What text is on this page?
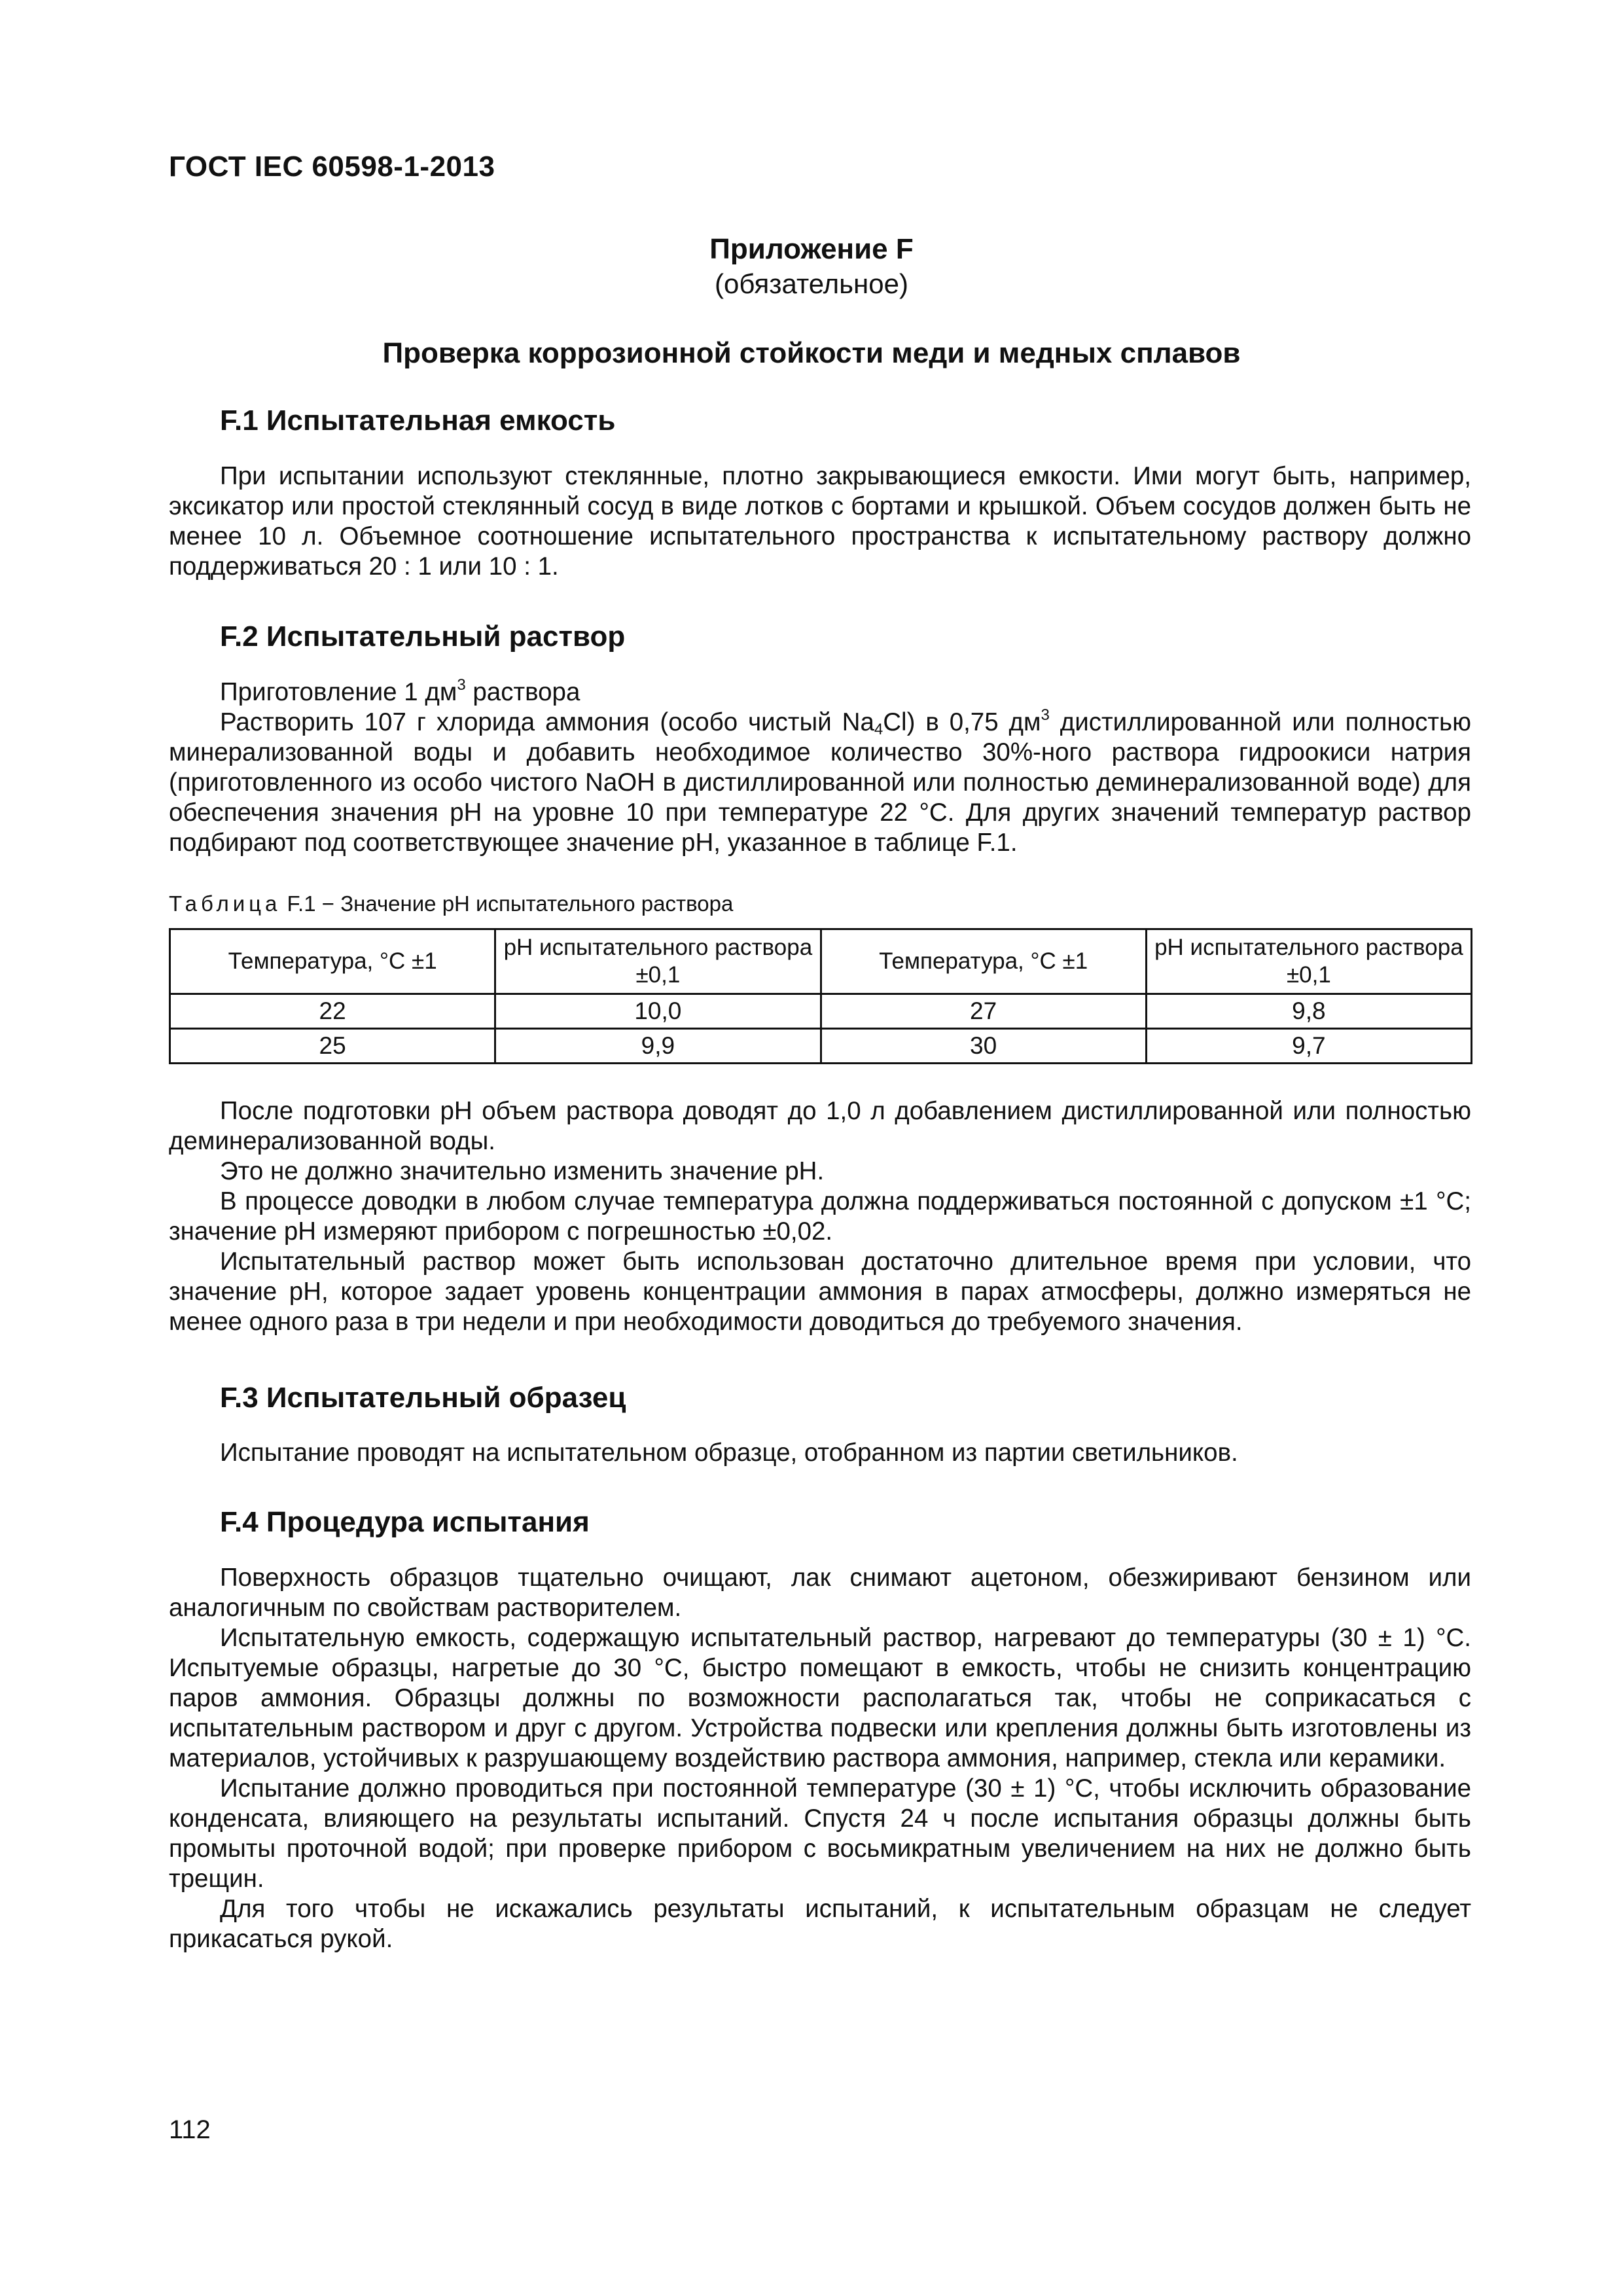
ГОСТ IEC 60598-1-2013
Приложение F
(обязательное)
Проверка коррозионной стойкости меди и медных сплавов
F.1 Испытательная емкость

При испытании используют стеклянные, плотно закрывающиеся емкости. Ими могут быть, например, эксикатор или простой стеклянный сосуд в виде лотков с бортами и крышкой. Объем сосудов должен быть не менее 10 л. Объемное соотношение испытательного пространства к испытательному раствору должно поддерживаться 20 : 1 или 10 : 1.

F.2 Испытательный раствор

Приготовление 1 $дм^3$ раствора

Растворить 107 г хлорида аммония (особо чистый $Na_4Cl$) в 0,75 $дм^3$ дистиллированной или полностью минерализованной воды и добавить необходимое количество 30%-ного раствора гидроокиси натрия (приготовленного из особо чистого NaOH в дистиллированной или полностью деминерализованной воде) для обеспечения значения pH на уровне 10 при температуре 22 °C. Для других значений температур раствор подбирают под соответствующее значение pH, указанное в таблице F.1.

Таблица F.1 − Значение pH испытательного раствора
Температура, °C ±1	pH испытательного раствора ±0,1	Температура, °C ±1	pH испытательного раствора ±0,1
22	10,0	27	9,8
25	9,9	30	9,7

После подготовки pH объем раствора доводят до 1,0 л добавлением дистиллированной или полностью деминерализованной воды.

Это не должно значительно изменить значение pH.

В процессе доводки в любом случае температура должна поддерживаться постоянной с допуском ±1 °C; значение pH измеряют прибором с погрешностью ±0,02.

Испытательный раствор может быть использован достаточно длительное время при условии, что значение pH, которое задает уровень концентрации аммония в парах атмосферы, должно измеряться не менее одного раза в три недели и при необходимости доводиться до требуемого значения.

F.3 Испытательный образец

Испытание проводят на испытательном образце, отобранном из партии светильников.

F.4 Процедура испытания

Поверхность образцов тщательно очищают, лак снимают ацетоном, обезжиривают бензином или аналогичным по свойствам растворителем.

Испытательную емкость, содержащую испытательный раствор, нагревают до температуры (30 ± 1) °C. Испытуемые образцы, нагретые до 30 °C, быстро помещают в емкость, чтобы не снизить концентрацию паров аммония. Образцы должны по возможности располагаться так, чтобы не соприкасаться с испытательным раствором и друг с другом. Устройства подвески или крепления должны быть изготовлены из материалов, устойчивых к разрушающему воздействию раствора аммония, например, стекла или керамики.

Испытание должно проводиться при постоянной температуре (30 ± 1) °C, чтобы исключить образование конденсата, влияющего на результаты испытаний. Спустя 24 ч после испытания образцы должны быть промыты проточной водой; при проверке прибором с восьмикратным увеличением на них не должно быть трещин.

Для того чтобы не искажались результаты испытаний, к испытательным образцам не следует прикасаться рукой.

112
